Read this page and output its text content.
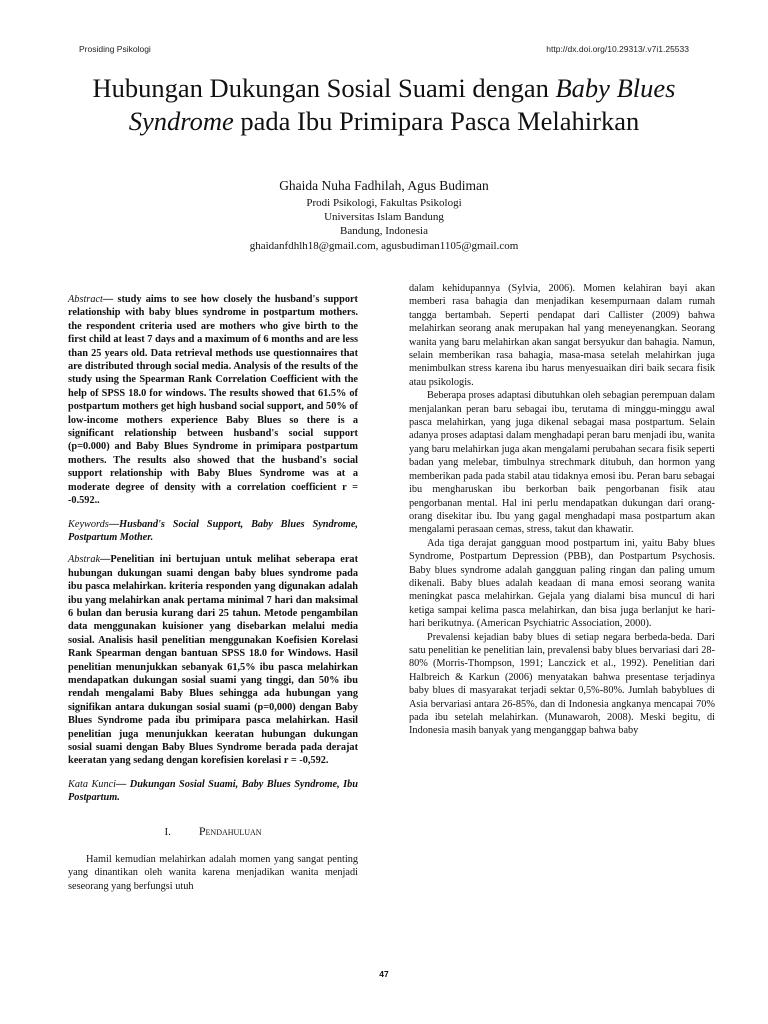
Prosiding Psikologi	http://dx.doi.org/10.29313/.v7i1.25533
Hubungan Dukungan Sosial Suami dengan Baby Blues Syndrome pada Ibu Primipara Pasca Melahirkan
Ghaida Nuha Fadhilah, Agus Budiman
Prodi Psikologi, Fakultas Psikologi
Universitas Islam Bandung
Bandung, Indonesia
ghaidanfdhlh18@gmail.com, agusbudiman1105@gmail.com

Abstract— study aims to see how closely the husband's support relationship with baby blues syndrome in postpartum mothers. the respondent criteria used are mothers who give birth to the first child at least 7 days and a maximum of 6 months and are less than 25 years old. Data retrieval methods use questionnaires that are distributed through social media. Analysis of the results of the study using the Spearman Rank Correlation Coefficient with the help of SPSS 18.0 for windows. The results showed that 61.5% of postpartum mothers get high husband social support, and 50% of low-income mothers experience Baby Blues so there is a significant relationship between husband's social support (p=0.000) and Baby Blues Syndrome in primipara postpartum mothers. The results also showed that the husband's social support relationship with Baby Blues Syndrome was at a moderate degree of density with a correlation coefficient r = -0.592..

Keywords—Husband's Social Support, Baby Blues Syndrome, Postpartum Mother.

Abstrak—Penelitian ini bertujuan untuk melihat seberapa erat hubungan dukungan suami dengan baby blues syndrome pada ibu pasca melahirkan. kriteria responden yang digunakan adalah ibu yang melahirkan anak pertama minimal 7 hari dan maksimal 6 bulan dan berusia kurang dari 25 tahun. Metode pengambilan data menggunakan kuisioner yang disebarkan melalui media sosial. Analisis hasil penelitian menggunakan Koefisien Korelasi Rank Spearman dengan bantuan SPSS 18.0 for Windows. Hasil penelitian menunjukkan sebanyak 61,5% ibu pasca melahirkan mendapatkan dukungan sosial suami yang tinggi, dan 50% ibu rendah mengalami Baby Blues sehingga ada hubungan yang signifikan antara dukungan sosial suami (p=0,000) dengan Baby Blues Syndrome pada ibu primipara pasca melahirkan. Hasil penelitian juga menunjukkan keeratan hubungan dukungan sosial suami dengan Baby Blues Syndrome berada pada derajat keeratan yang sedang dengan korefisien korelasi r = -0,592.

Kata Kunci— Dukungan Sosial Suami, Baby Blues Syndrome, Ibu Postpartum.

I. Pendahuluan

Hamil kemudian melahirkan adalah momen yang sangat penting yang dinantikan oleh wanita karena menjadikan wanita menjadi seseorang yang berfungsi utuh

dalam kehidupannya (Sylvia, 2006). Momen kelahiran bayi akan memberi rasa bahagia dan menjadikan kesempurnaan dalam rumah tangga bertambah. Seperti pendapat dari Callister (2009) bahwa melahirkan seorang anak merupakan hal yang meneyenangkan. Seorang wanita yang baru melahirkan akan sangat bersyukur dan bahagia. Namun, selain memberikan rasa bahagia, masa-masa setelah melahirkan juga menimbulkan stress karena ibu harus menyesuaikan diri baik secara fisik atau psikologis.

Beberapa proses adaptasi dibutuhkan oleh sebagian perempuan dalam menjalankan peran baru sebagai ibu, terutama di minggu-minggu awal pasca melahirkan, yang juga dikenal sebagai masa postpartum. Selain adanya proses adaptasi dalam menghadapi peran baru menjadi ibu, wanita yang baru melahirkan juga akan mengalami perubahan secara fisik seperti badan yang melebar, timbulnya strechmark ditubuh, dan hormon yang memberikan pada pada stabil atau tidaknya emosi ibu. Peran baru sebagai ibu mengharuskan ibu berkorban baik pengorbanan fisik atau pengorbanan mental. Hal ini perlu mendapatkan dukungan dari orang-orang disekitar ibu. Ibu yang gagal menghadapi masa postpartum akan mengalami perasaan cemas, stress, takut dan khawatir.

Ada tiga derajat gangguan mood postpartum ini, yaitu Baby blues Syndrome, Postpartum Depression (PBB), dan Postpartum Psychosis. Baby blues syndrome adalah gangguan paling ringan dan paling umum dikenali. Baby blues adalah keadaan di mana emosi seorang wanita meningkat pasca melahirkan. Gejala yang dialami bisa muncul di hari ketiga sampai kelima pasca melahirkan, dan bisa juga berlanjut ke hari-hari berikutnya. (American Psychiatric Association, 2000).

Prevalensi kejadian baby blues di setiap negara berbeda-beda. Dari satu penelitian ke penelitian lain, prevalensi baby blues bervariasi dari 28-80% (Morris-Thompson, 1991; Lanczick et al., 1992). Penelitian dari Halbreich & Karkun (2006) menyatakan bahwa presentase terjadinya baby blues di masyarakat terjadi sektar 0,5%-80%. Jumlah babyblues di Asia bervariasi antara 26-85%, dan di Indonesia angkanya mencapai 70% pada ibu setelah melahirkan. (Munawaroh, 2008). Meski begitu, di Indonesia masih banyak yang menganggap bahwa baby

47
